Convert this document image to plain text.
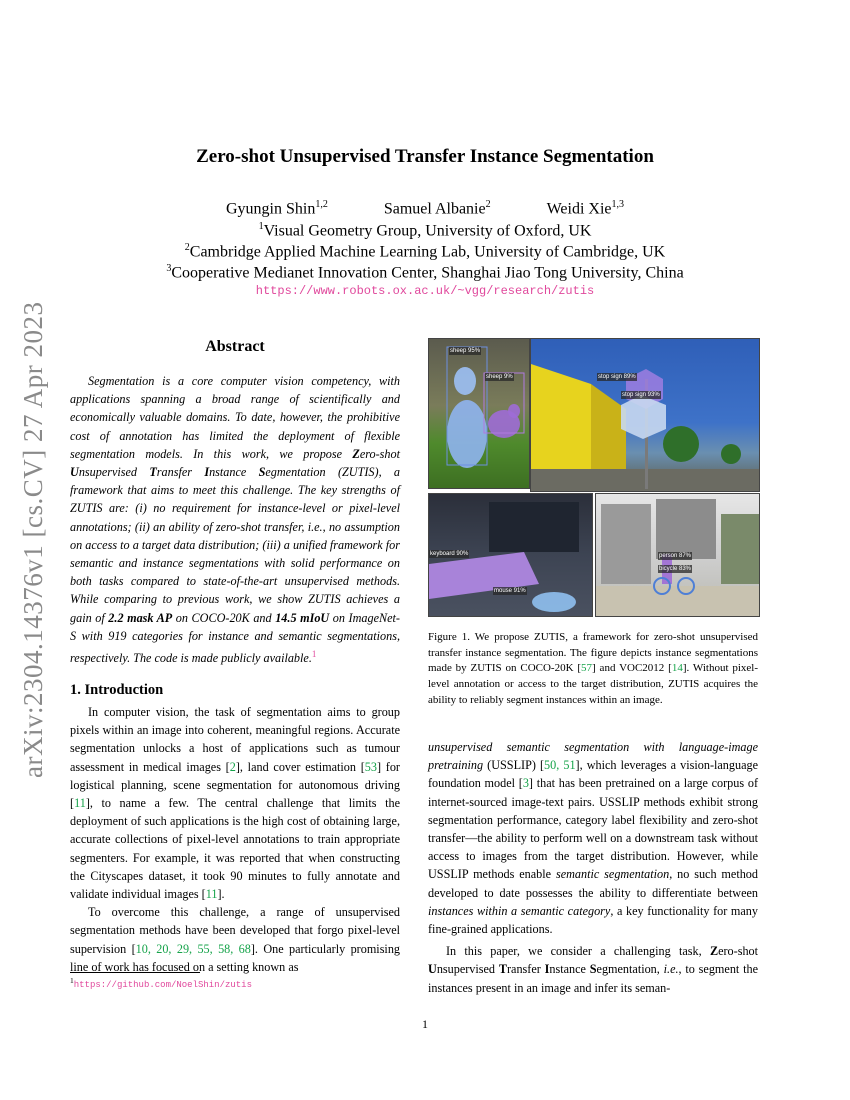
arXiv:2304.14376v1 [cs.CV] 27 Apr 2023
Zero-shot Unsupervised Transfer Instance Segmentation
Gyungin Shin$^{1,2}$	Samuel Albanie$^2$	Weidi Xie$^{1,3}$
$^1$Visual Geometry Group, University of Oxford, UK
$^2$Cambridge Applied Machine Learning Lab, University of Cambridge, UK
$^3$Cooperative Medianet Innovation Center, Shanghai Jiao Tong University, China
https://www.robots.ox.ac.uk/~vgg/research/zutis
Abstract
Segmentation is a core computer vision competency, with applications spanning a broad range of scientifically and economically valuable domains. To date, however, the prohibitive cost of annotation has limited the deployment of flexible segmentation models. In this work, we propose Zero-shot Unsupervised Transfer Instance Segmentation (ZUTIS), a framework that aims to meet this challenge. The key strengths of ZUTIS are: (i) no requirement for instance-level or pixel-level annotations; (ii) an ability of zero-shot transfer, i.e., no assumption on access to a target data distribution; (iii) a unified framework for semantic and instance segmentations with solid performance on both tasks compared to state-of-the-art unsupervised methods. While comparing to previous work, we show ZUTIS achieves a gain of 2.2 mask AP on COCO-20K and 14.5 mIoU on ImageNet-S with 919 categories for instance and semantic segmentations, respectively. The code is made publicly available.$^1$
1. Introduction

In computer vision, the task of segmentation aims to group pixels within an image into coherent, meaningful regions. Accurate segmentation unlocks a host of applications such as tumour assessment in medical images [2], land cover estimation [53] for logistical planning, scene segmentation for autonomous driving [11], to name a few. The central challenge that limits the deployment of such applications is the high cost of obtaining large, accurate collections of pixel-level annotations to train appropriate segmenters. For example, it was reported that when constructing the Cityscapes dataset, it took 90 minutes to fully annotate and validate individual images [11].

To overcome this challenge, a range of unsupervised segmentation methods have been developed that forgo pixel-level supervision [10, 20, 29, 55, 58, 68]. One particularly promising line of work has focused on a setting known as

$^1$https://github.com/NoelShin/zutis
sheep 95%
sheep 9%	stop sign 89%
stop sign 93%
keyboard 90%
mouse 91%
person 87%
bicycle 83%
Figure 1. We propose ZUTIS, a framework for zero-shot unsupervised transfer instance segmentation. The figure depicts instance segmentations made by ZUTIS on COCO-20K [57] and VOC2012 [14]. Without pixel-level annotation or access to the target distribution, ZUTIS acquires the ability to reliably segment instances within an image.

unsupervised semantic segmentation with language-image pretraining (USSLIP) [50, 51], which leverages a vision-language foundation model [3] that has been pretrained on a large corpus of internet-sourced image-text pairs. USSLIP methods exhibit strong segmentation performance, category label flexibility and zero-shot transfer—the ability to perform well on a downstream task without access to images from the target distribution. However, while USSLIP methods enable semantic segmentation, no such method developed to date possesses the ability to differentiate between instances within a semantic category, a key functionality for many fine-grained applications.

In this paper, we consider a challenging task, Zero-shot Unsupervised Transfer Instance Segmentation, i.e., to segment the instances present in an image and infer its seman-

1
